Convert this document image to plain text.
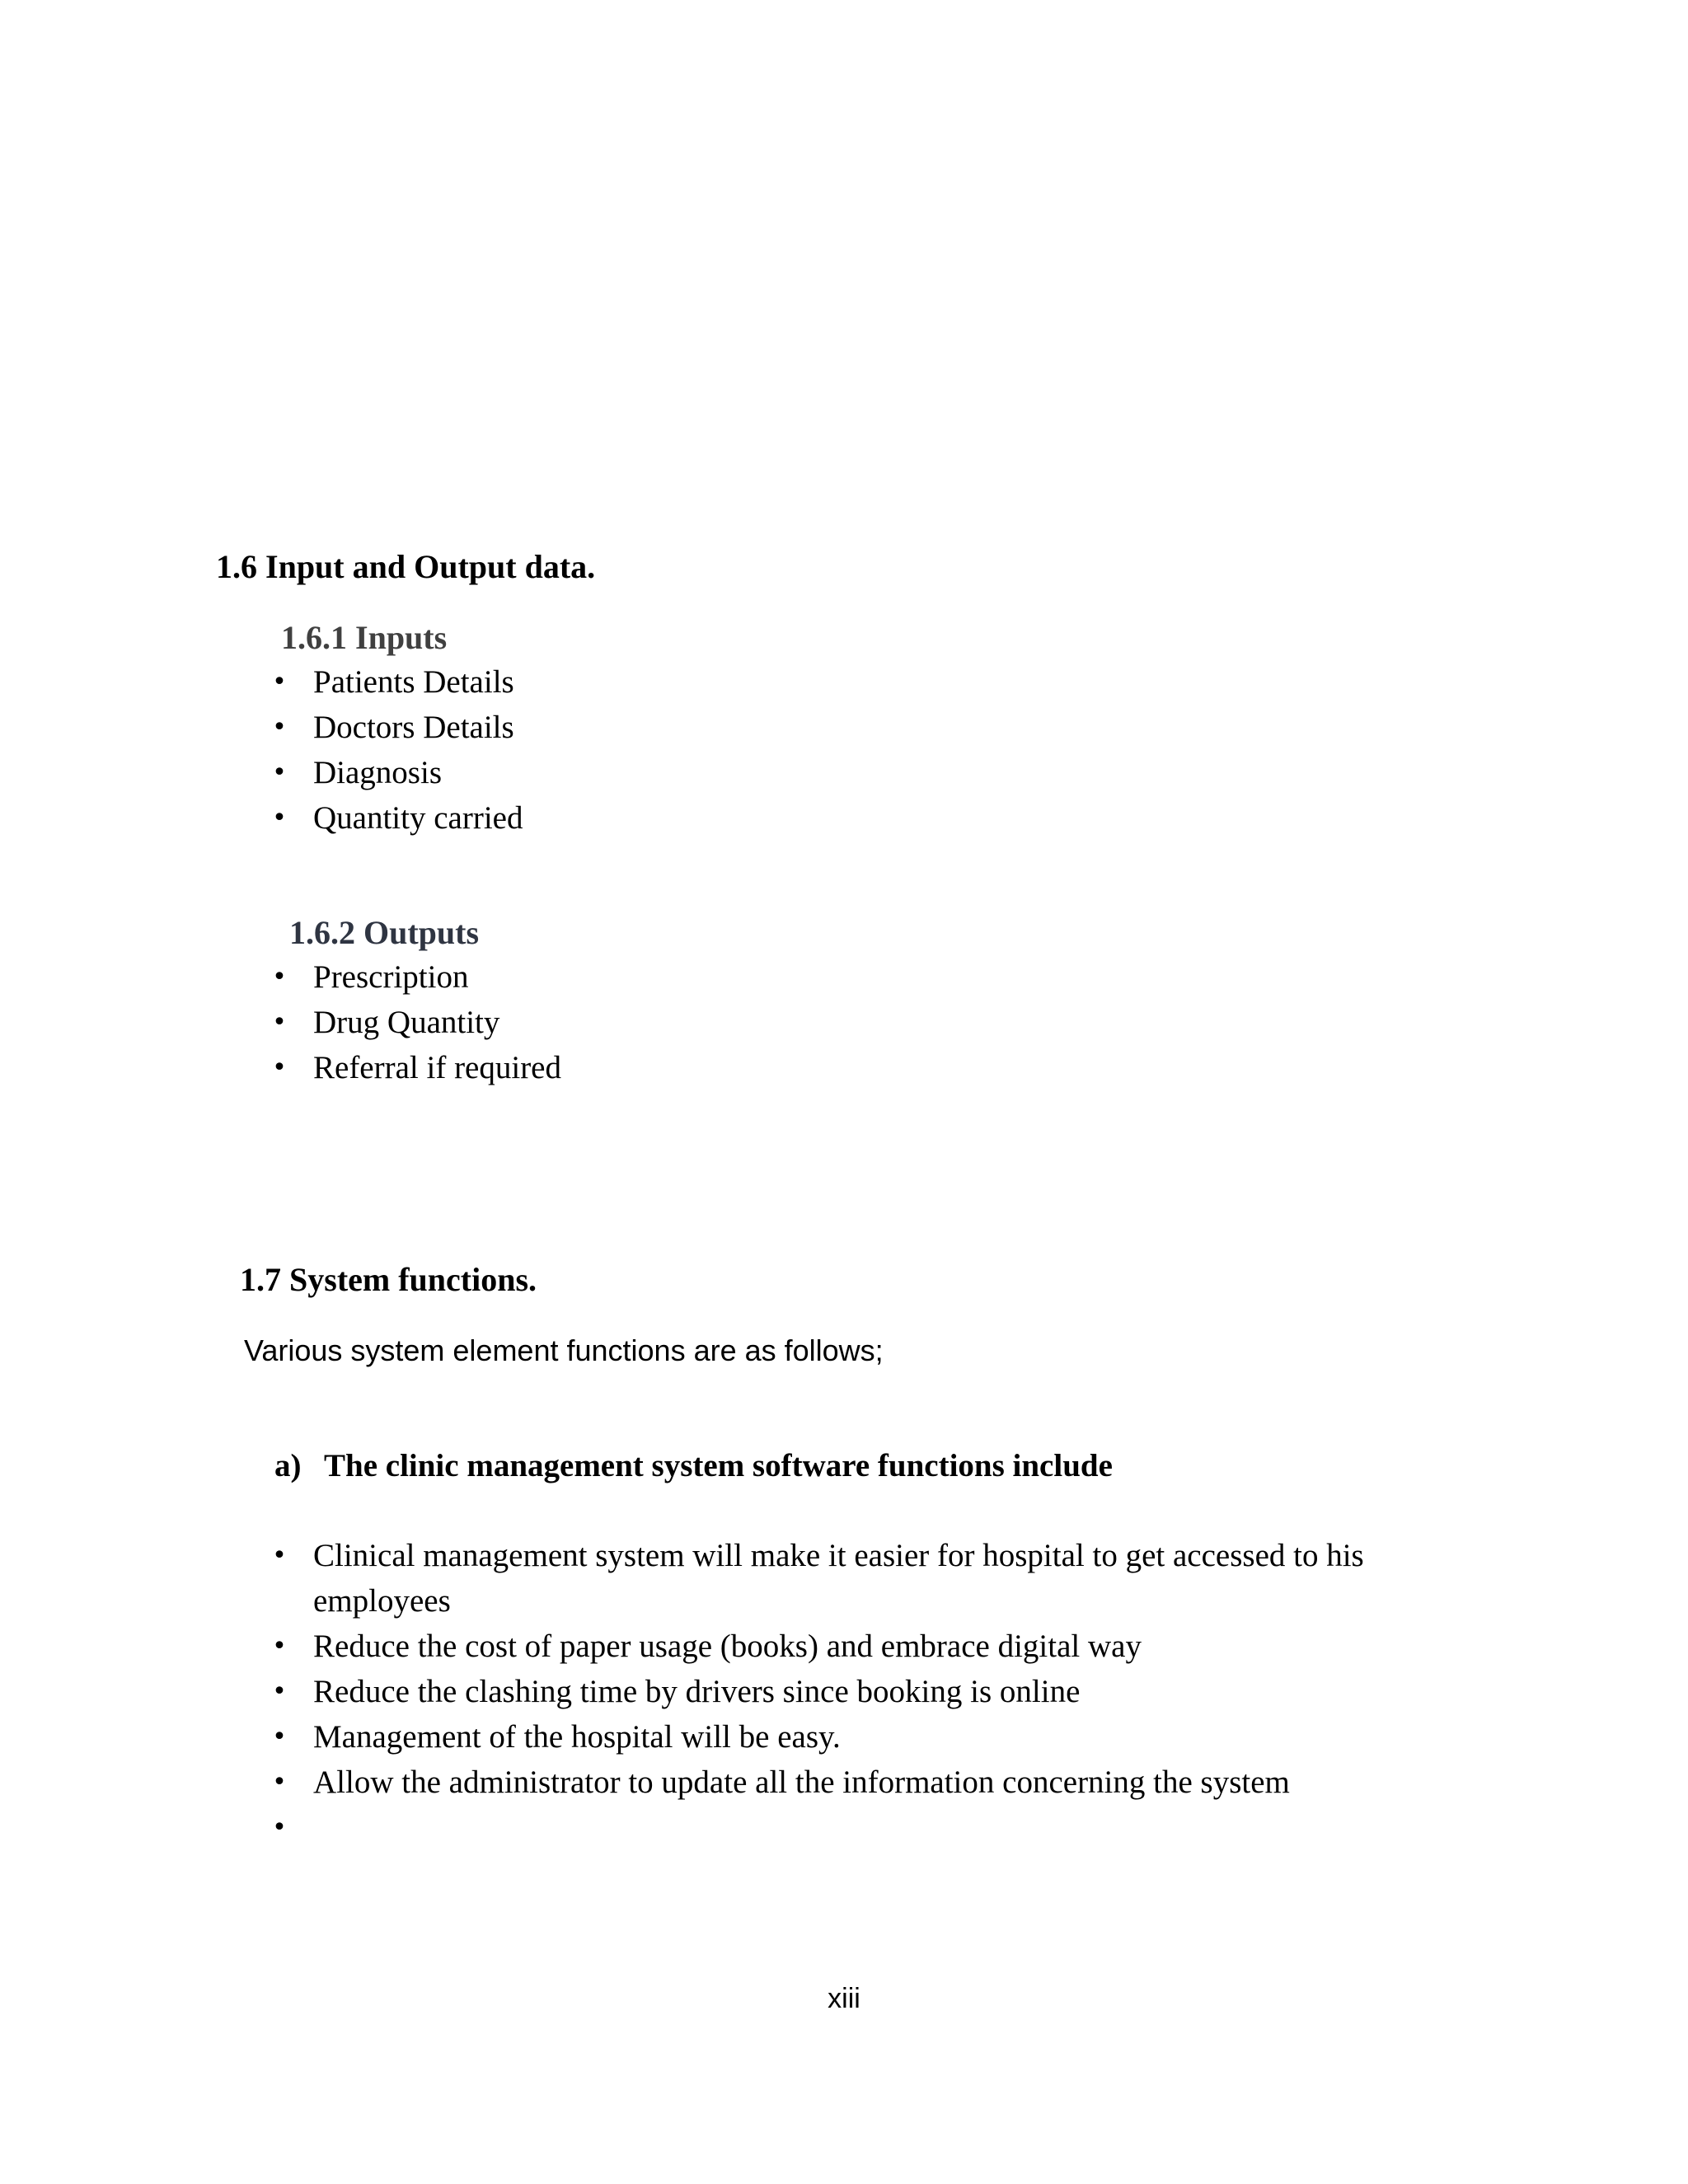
1.6 Input and Output data.
1.6.1 Inputs
• Patients Details
• Doctors Details
• Diagnosis
• Quantity carried
1.6.2 Outputs
• Prescription
• Drug Quantity
• Referral if required
1.7 System functions.
Various system element functions are as follows;
a) The clinic management system software functions include
• Clinical management system will make it easier for hospital to get accessed to his employees
• Reduce the cost of paper usage (books) and embrace digital way
• Reduce the clashing time by drivers since booking is online
• Management of the hospital will be easy.
• Allow the administrator to update all the information concerning the system
•
xiii
